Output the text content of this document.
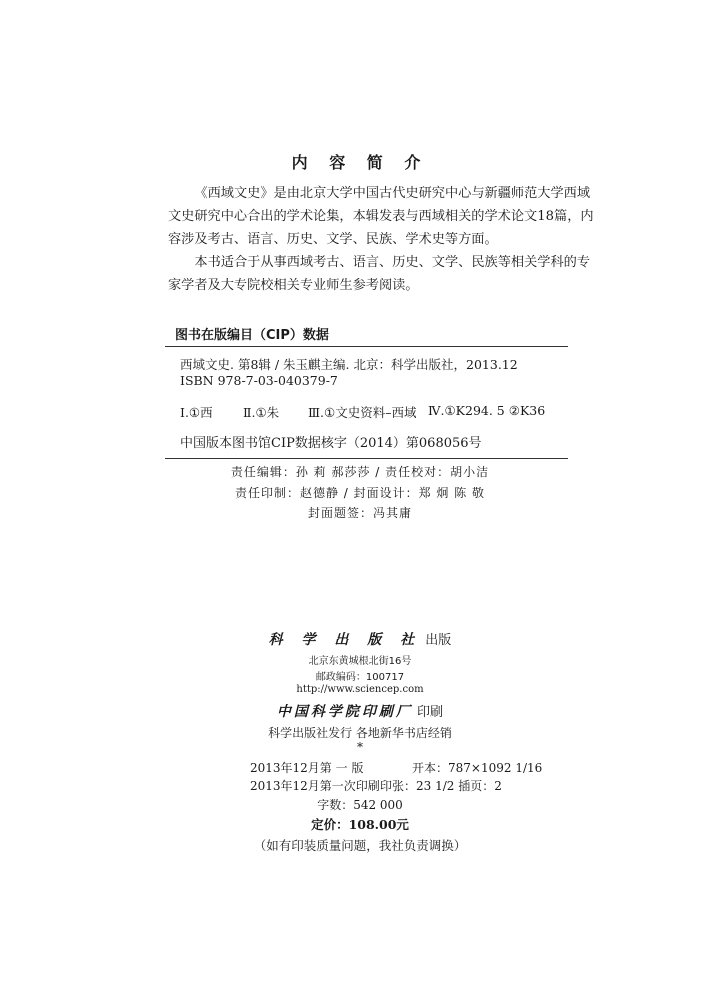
内 容 简 介
《西域文史》是由北京大学中国古代史研究中心与新疆师范大学西域
文史研究中心合出的学术论集，本辑发表与西域相关的学术论文18篇，内
容涉及考古、语言、历史、文学、民族、学术史等方面。
本书适合于从事西域考古、语言、历史、文学、民族等相关学科的专
家学者及大专院校相关专业师生参考阅读。
图书在版编目（CIP）数据
西域文史. 第8辑 / 朱玉麒主编. 北京：科学出版社，2013.12
ISBN 978-7-03-040379-7
Ⅰ.①西 Ⅱ.①朱 Ⅲ.①文史资料–西域 Ⅳ.①K294. 5 ②K36
中国版本图书馆CIP数据核字（2014）第068056号
责任编辑：孙 莉 郝莎莎 / 责任校对：胡小洁
责任印制：赵德静 / 封面设计：郑 炯 陈 敬
封面题签：冯其庸
科 学 出 版 社 出版
北京东黄城根北街16号
邮政编码：100717
http://www.sciencep.com
中国科学院印刷厂 印刷
科学出版社发行 各地新华书店经销
*
2013年12月第 一 版	开本：787×1092 1/16
2013年12月第一次印刷 印张：23 1/2 插页：2
字数：542 000
定价：108.00元
（如有印装质量问题，我社负责调换）
